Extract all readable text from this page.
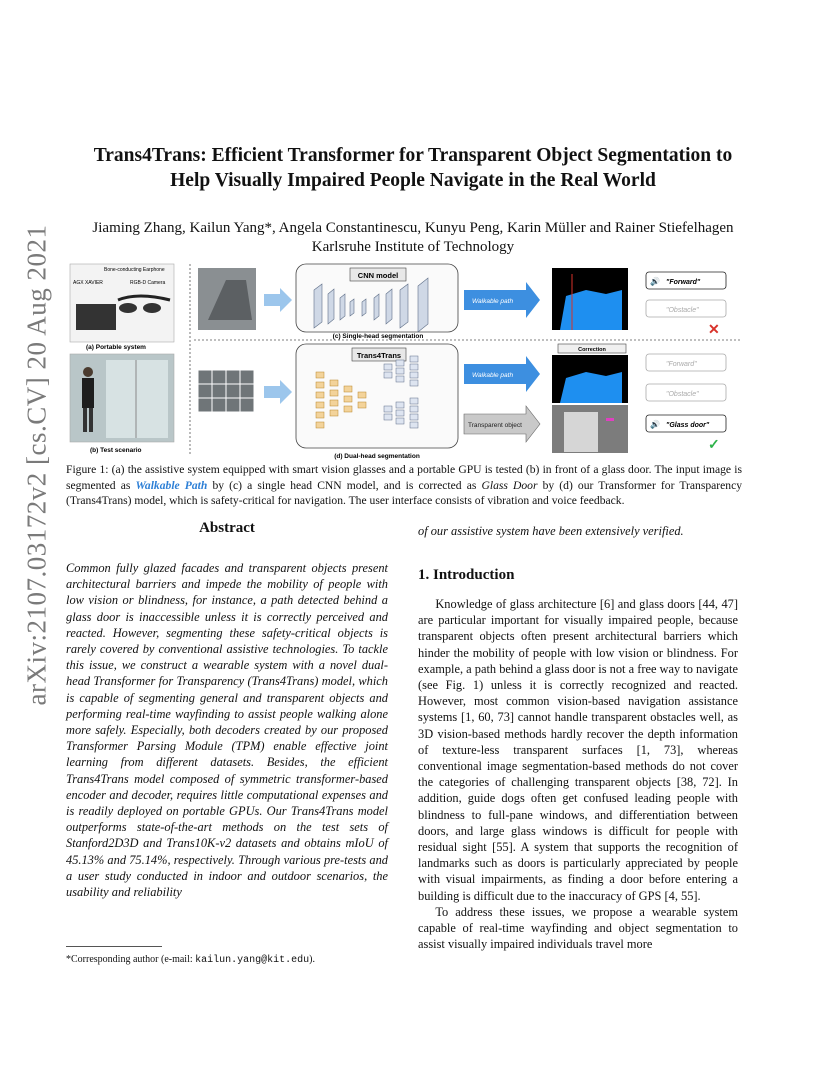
arXiv:2107.03172v2 [cs.CV] 20 Aug 2021
Trans4Trans: Efficient Transformer for Transparent Object Segmentation to
Help Visually Impaired People Navigate in the Real World
Jiaming Zhang, Kailun Yang*, Angela Constantinescu, Kunyu Peng, Karin Müller and Rainer Stiefelhagen
Karlsruhe Institute of Technology
Bone-conducting Earphone
AGX XAVIER	RGB-D Camera
(a) Portable system
(b) Test scenario
CNN model
(c) Single-head segmentation
Walkable path
🔊 "Forward"
"Obstacle"
✕
Trans4Trans
(d) Dual-head segmentation
Walkable path
Transparent object
Correction
"Forward"
"Obstacle"
🔊 "Glass door"
✓
Figure 1: (a) the assistive system equipped with smart vision glasses and a portable GPU is tested (b) in front of a glass door. The input image is segmented as Walkable Path by (c) a single head CNN model, and is corrected as Glass Door by (d) our Transformer for Transparency (Trans4Trans) model, which is safety-critical for navigation. The user interface consists of vibration and voice feedback.
Abstract
Common fully glazed facades and transparent objects present architectural barriers and impede the mobility of people with low vision or blindness, for instance, a path detected behind a glass door is inaccessible unless it is correctly perceived and reacted. However, segmenting these safety-critical objects is rarely covered by conventional assistive technologies. To tackle this issue, we construct a wearable system with a novel dual-head Transformer for Transparency (Trans4Trans) model, which is capable of segmenting general and transparent objects and performing real-time wayfinding to assist people walking alone more safely. Especially, both decoders created by our proposed Transformer Parsing Module (TPM) enable effective joint learning from different datasets. Besides, the efficient Trans4Trans model composed of symmetric transformer-based encoder and decoder, requires little computational expenses and is readily deployed on portable GPUs. Our Trans4Trans model outperforms state-of-the-art methods on the test sets of Stanford2D3D and Trans10K-v2 datasets and obtains mIoU of 45.13% and 75.14%, respectively. Through various pre-tests and a user study conducted in indoor and outdoor scenarios, the usability and reliability
of our assistive system have been extensively verified.
1. Introduction

Knowledge of glass architecture [6] and glass doors [44, 47] are particular important for visually impaired people, because transparent objects often present architectural barriers which hinder the mobility of people with low vision or blindness. For example, a path behind a glass door is not a free way to navigate (see Fig. 1) unless it is correctly recognized and reacted. However, most common vision-based navigation assistance systems [1, 60, 73] cannot handle transparent obstacles well, as 3D vision-based methods hardly recover the depth information of texture-less transparent surfaces [1, 73], whereas conventional image segmentation-based methods do not cover the categories of challenging transparent objects [38, 72]. In addition, guide dogs often get confused leading people with blindness to full-pane windows, and differentiation between doors, and large glass windows is difficult for people with residual sight [55]. A system that supports the recognition of landmarks such as doors is particularly appreciated by people with visual impairments, as finding a door before entering a building is difficult due to the inaccuracy of GPS [4, 55].

To address these issues, we propose a wearable system capable of real-time wayfinding and object segmentation to assist visually impaired individuals travel more

*Corresponding author (e-mail: kailun.yang@kit.edu).
